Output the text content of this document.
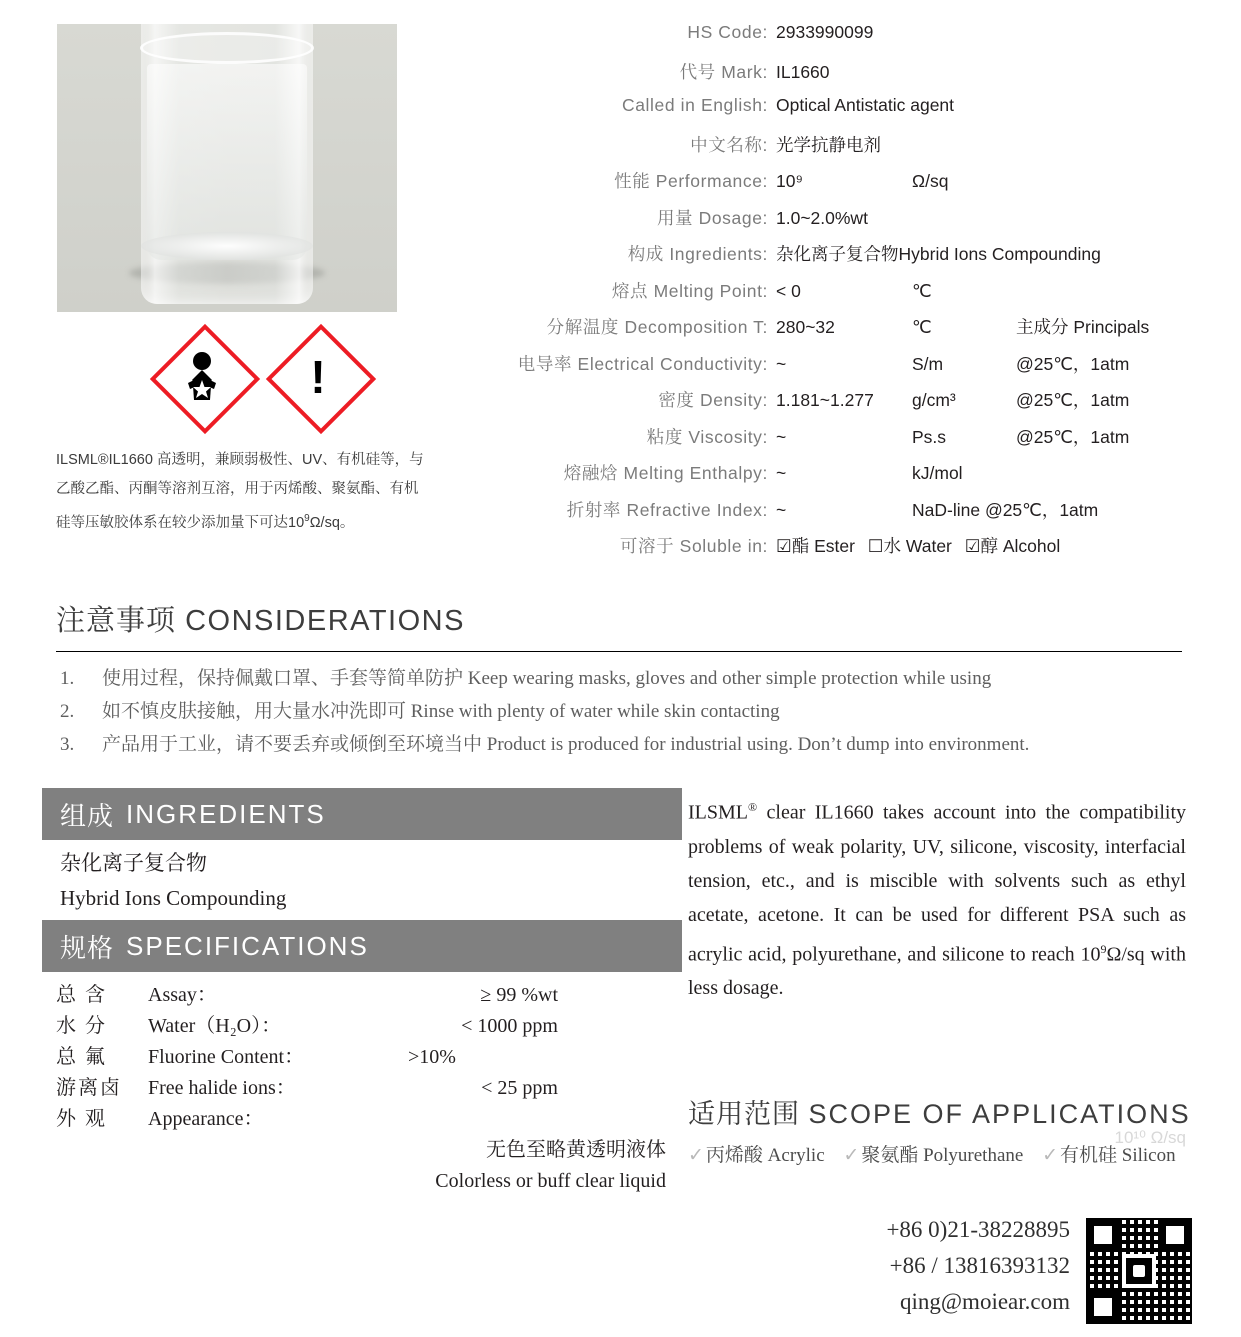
!
ILSML®IL1660 高透明，兼顾弱极性、UV、有机硅等，与
乙酸乙酯、丙酮等溶剂互溶，用于丙烯酸、聚氨酯、有机
硅等压敏胶体系在较少添加量下可达$10^9\Omega/sq$。
HS Code: 2933990099
代号 Mark: IL1660
Called in English: Optical Antistatic agent
中文名称: 光学抗静电剂
性能 Performance: 10⁹	Ω/sq
用量 Dosage: 1.0~2.0%wt
构成 Ingredients: 杂化离子复合物Hybrid Ions Compounding
熔点 Melting Point: < 0	℃
分解温度 Decomposition T: 280~32	℃	主成分 Principals
电导率 Electrical Conductivity: ~	S/m	@25℃，1atm
密度 Density: 1.181~1.277	g/cm³	@25℃，1atm
粘度 Viscosity: ~	Ps.s	@25℃，1atm
熔融焓 Melting Enthalpy: ~	kJ/mol
折射率 Refractive Index: ~	NaD-line @25℃，1atm
可溶于 Soluble in: ☑酯 Ester ☐水 Water ☑醇 Alcohol
注意事项 CONSIDERATIONS
1. 使用过程，保持佩戴口罩、手套等简单防护 Keep wearing masks, gloves and other simple protection while using
2. 如不慎皮肤接触，用大量水冲洗即可 Rinse with plenty of water while skin contacting
3. 产品用于工业，请不要丢弃或倾倒至环境当中 Product is produced for industrial using. Don’t dump into environment.
组成 INGREDIENTS
杂化离子复合物
Hybrid Ions Compounding
规格 SPECIFICATIONS
总 含	Assay：	≥ 99 %wt
水 分	Water（H₂O）：	< 1000 ppm
总 氟	Fluorine Content：	>10%
游离卤	Free halide ions：	< 25 ppm
外 观	Appearance：
无色至略黄透明液体
Colorless or buff clear liquid
ILSML® clear IL1660 takes account into the compatibility problems of weak polarity, UV, silicone, viscosity, interfacial tension, etc., and is miscible with solvents such as ethyl acetate, acetone. It can be used for different PSA such as acrylic acid, polyurethane, and silicone to reach $10^9\Omega/sq$ with less dosage.
适用范围 SCOPE OF APPLICATIONS
10¹⁰ Ω/sq
✓ 丙烯酸 Acrylic ✓ 聚氨酯 Polyurethane ✓ 有机硅 Silicon
+86 0)21-38228895
+86 / 13816393132
qing@moiear.com
